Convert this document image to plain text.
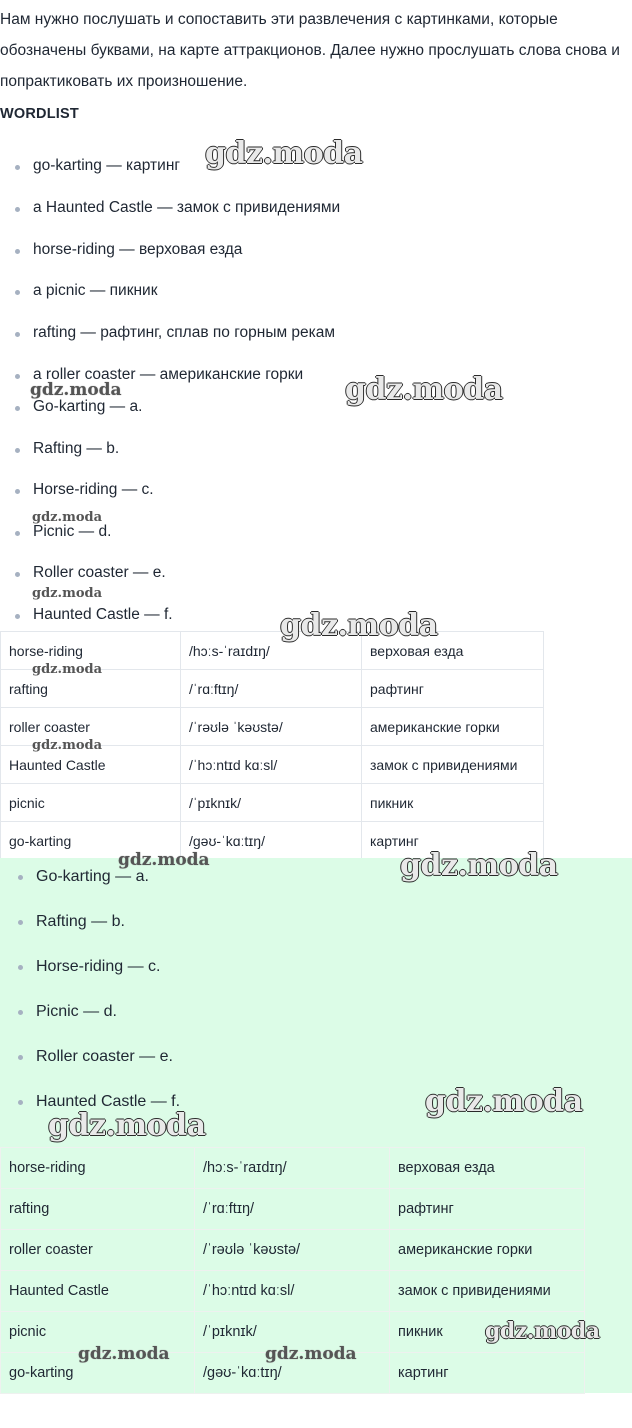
Нам нужно послушать и сопоставить эти развлечения с картинками, которые обозначены буквами, на карте аттракционов. Далее нужно прослушать слова снова и попрактиковать их произношение.

WORDLIST
go-karting — картинг
a Haunted Castle — замок с привидениями
horse-riding — верховая езда
a picnic — пикник
rafting — рафтинг, сплав по горным рекам
a roller coaster — американские горки
Go-karting — a.
Rafting — b.
Horse-riding — c.
Picnic — d.
Roller coaster — e.
Haunted Castle — f.
horse-riding	/hɔːs-ˈraɪdɪŋ/	верховая езда
rafting	/ˈrɑːftɪŋ/	рафтинг
roller coaster	/ˈrəʊlə ˈkəʊstə/	американские горки
Haunted Castle	/ˈhɔːntɪd kɑːsl/	замок с привидениями
picnic	/ˈpɪknɪk/	пикник
go-karting	/gəʊ-ˈkɑːtɪŋ/	картинг
Go-karting — a.
Rafting — b.
Horse-riding — c.
Picnic — d.
Roller coaster — e.
Haunted Castle — f.
horse-riding	/hɔːs-ˈraɪdɪŋ/	верховая езда
rafting	/ˈrɑːftɪŋ/	рафтинг
roller coaster	/ˈrəʊlə ˈkəʊstə/	американские горки
Haunted Castle	/ˈhɔːntɪd kɑːsl/	замок с привидениями
picnic	/ˈpɪknɪk/	пикник
go-karting	/gəʊ-ˈkɑːtɪŋ/	картинг
gdz.moda
gdz.moda
gdz.moda
gdz.moda
gdz.moda
gdz.moda
gdz.moda
gdz.moda
gdz.moda	gdz.moda
gdz.moda
gdz.moda
gdz.moda
gdz.moda	gdz.moda
